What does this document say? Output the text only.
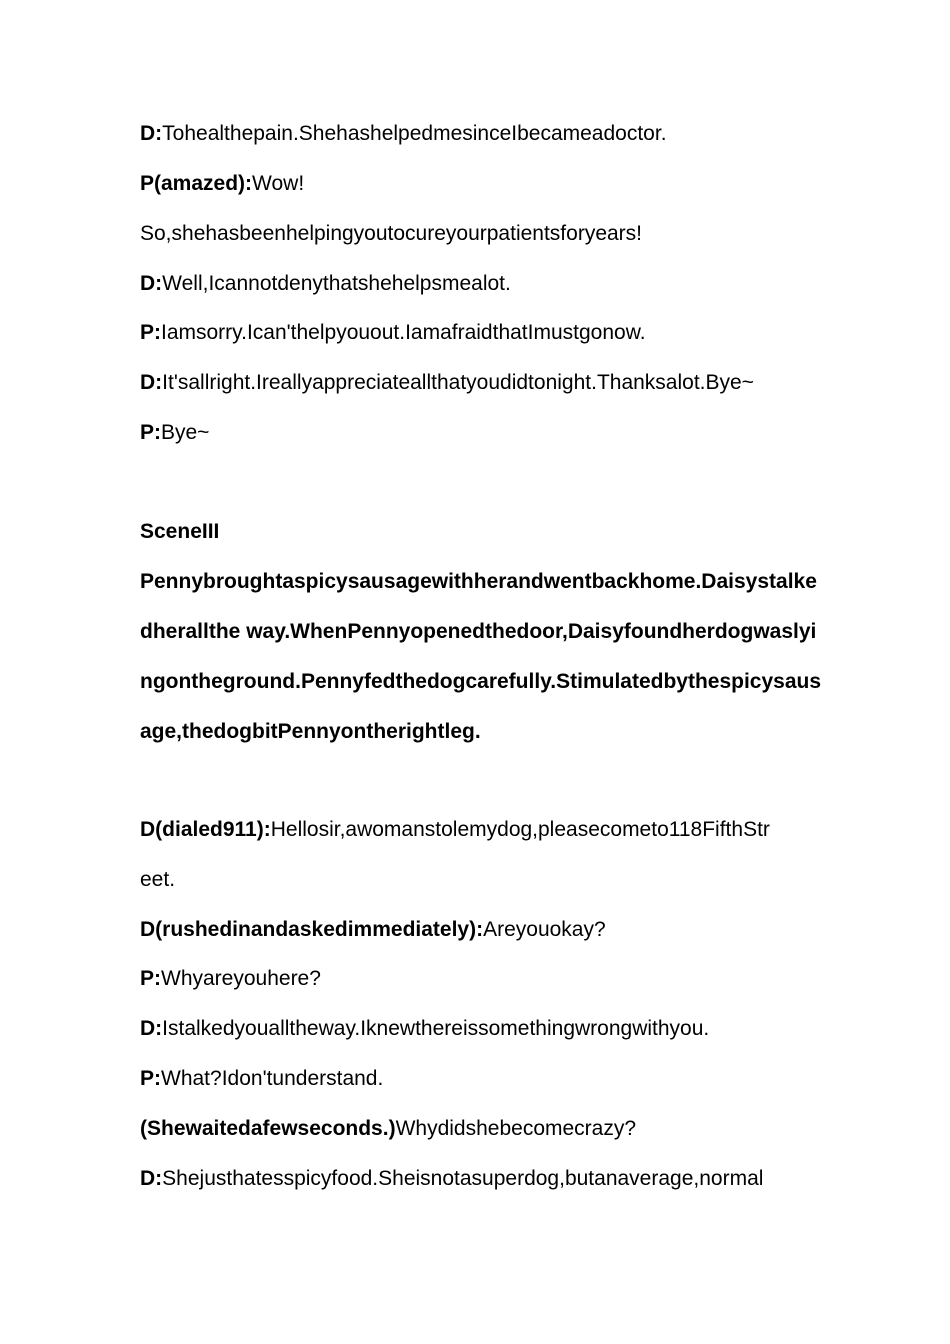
D:Tohealthepain.ShehashelpedmesinceIbecameadoctor.
P(amazed):Wow!
So,shehasbeenhelpingyoutocureyourpatientsforyears!
D:Well,Icannotdenythatshehelpsmealot.
P:Iamsorry.Ican'thelpyouout.IamafraidthatImustgonow.
D:It'sallright.Ireallyappreciateallthatyoudidtonight.Thanksalot.Bye~
P:Bye~
SceneIII
Pennybroughtaspicysausagewithherandwentbackhome.Daisystalke
dherallthe way.WhenPennyopenedthedoor,Daisyfoundherdogwaslyi
ngontheground.Pennyfedthedogcarefully.Stimulatedbythespicysaus
age,thedogbitPennyontherightleg.
D(dialed911):Hellosir,awomanstolemydog,pleasecometo118FifthStr
eet.
D(rushedinandaskedimmediately):Areyouokay?
P:Whyareyouhere?
D:Istalkedyoualltheway.Iknewthereissomethingwrongwithyou.
P:What?Idon'tunderstand.
(Shewaitedafewseconds.)Whydidshebecomecrazy?
D:Shejusthatesspicyfood.Sheisnotasuperdog,butanaverage,normal
